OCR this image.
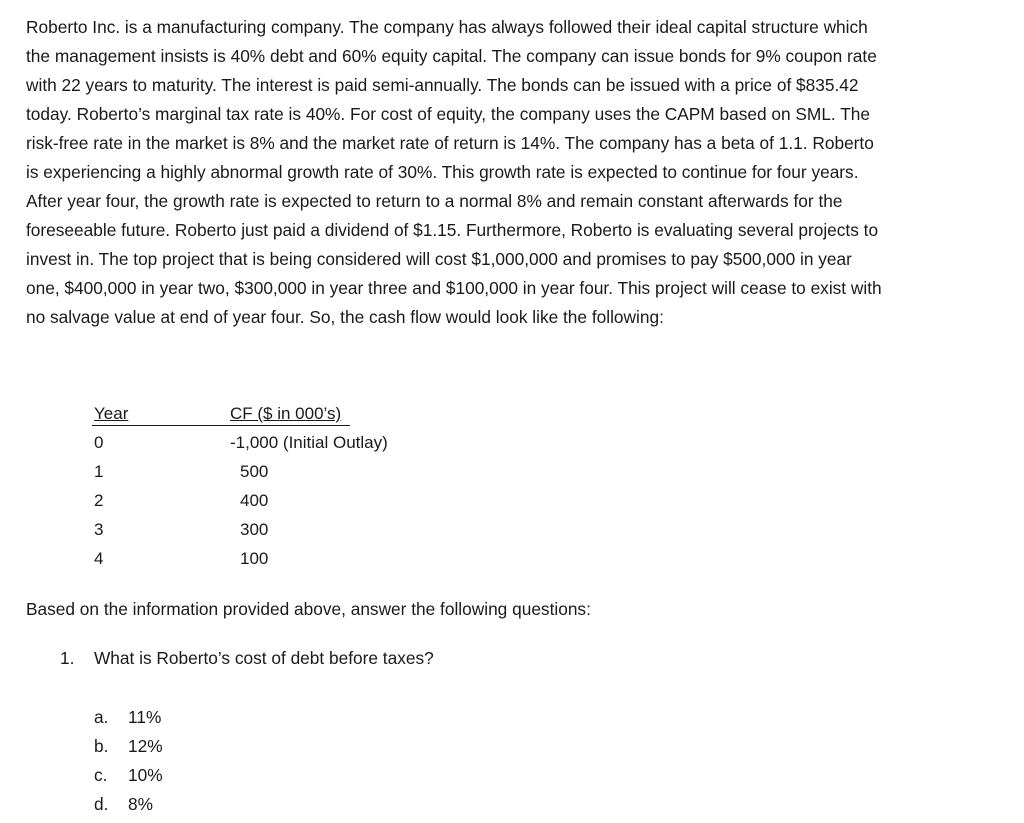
Roberto Inc. is a manufacturing company. The company has always followed their ideal capital structure which
the management insists is 40% debt and 60% equity capital. The company can issue bonds for 9% coupon rate
with 22 years to maturity. The interest is paid semi-annually. The bonds can be issued with a price of $835.42
today. Roberto’s marginal tax rate is 40%. For cost of equity, the company uses the CAPM based on SML. The
risk-free rate in the market is 8% and the market rate of return is 14%. The company has a beta of 1.1. Roberto
is experiencing a highly abnormal growth rate of 30%. This growth rate is expected to continue for four years.
After year four, the growth rate is expected to return to a normal 8% and remain constant afterwards for the
foreseeable future. Roberto just paid a dividend of $1.15. Furthermore, Roberto is evaluating several projects to
invest in. The top project that is being considered will cost $1,000,000 and promises to pay $500,000 in year
one, $400,000 in year two, $300,000 in year three and $100,000 in year four. This project will cease to exist with
no salvage value at end of year four. So, the cash flow would look like the following:
Year	CF ($ in 000’s)
0	-1,000 (Initial Outlay)
1	500
2	400
3	300
4	100
Based on the information provided above, answer the following questions:
1. What is Roberto’s cost of debt before taxes?
a. 11%
b. 12%
c. 10%
d. 8%
